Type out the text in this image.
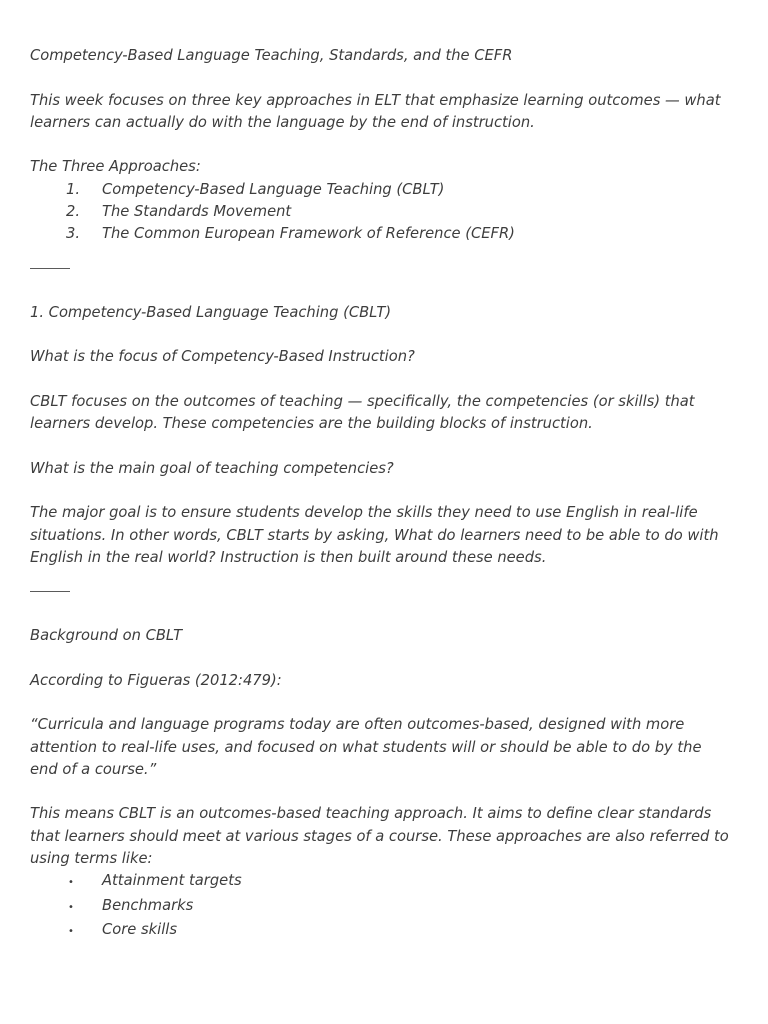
Competency-Based Language Teaching, Standards, and the CEFR

This week focuses on three key approaches in ELT that emphasize learning outcomes — what learners can actually do with the language by the end of instruction.

The Three Approaches:
1.	Competency-Based Language Teaching (CBLT)
2.	The Standards Movement
3.	The Common European Framework of Reference (CEFR)

1. Competency-Based Language Teaching (CBLT)

What is the focus of Competency-Based Instruction?

CBLT focuses on the outcomes of teaching — specifically, the competencies (or skills) that learners develop. These competencies are the building blocks of instruction.

What is the main goal of teaching competencies?

The major goal is to ensure students develop the skills they need to use English in real-life situations. In other words, CBLT starts by asking, What do learners need to be able to do with English in the real world? Instruction is then built around these needs.

Background on CBLT

According to Figueras (2012:479):

“Curricula and language programs today are often outcomes-based, designed with more attention to real-life uses, and focused on what students will or should be able to do by the end of a course.”

This means CBLT is an outcomes-based teaching approach. It aims to define clear standards that learners should meet at various stages of a course. These approaches are also referred to using terms like:
•	Attainment targets
•	Benchmarks
•	Core skills
